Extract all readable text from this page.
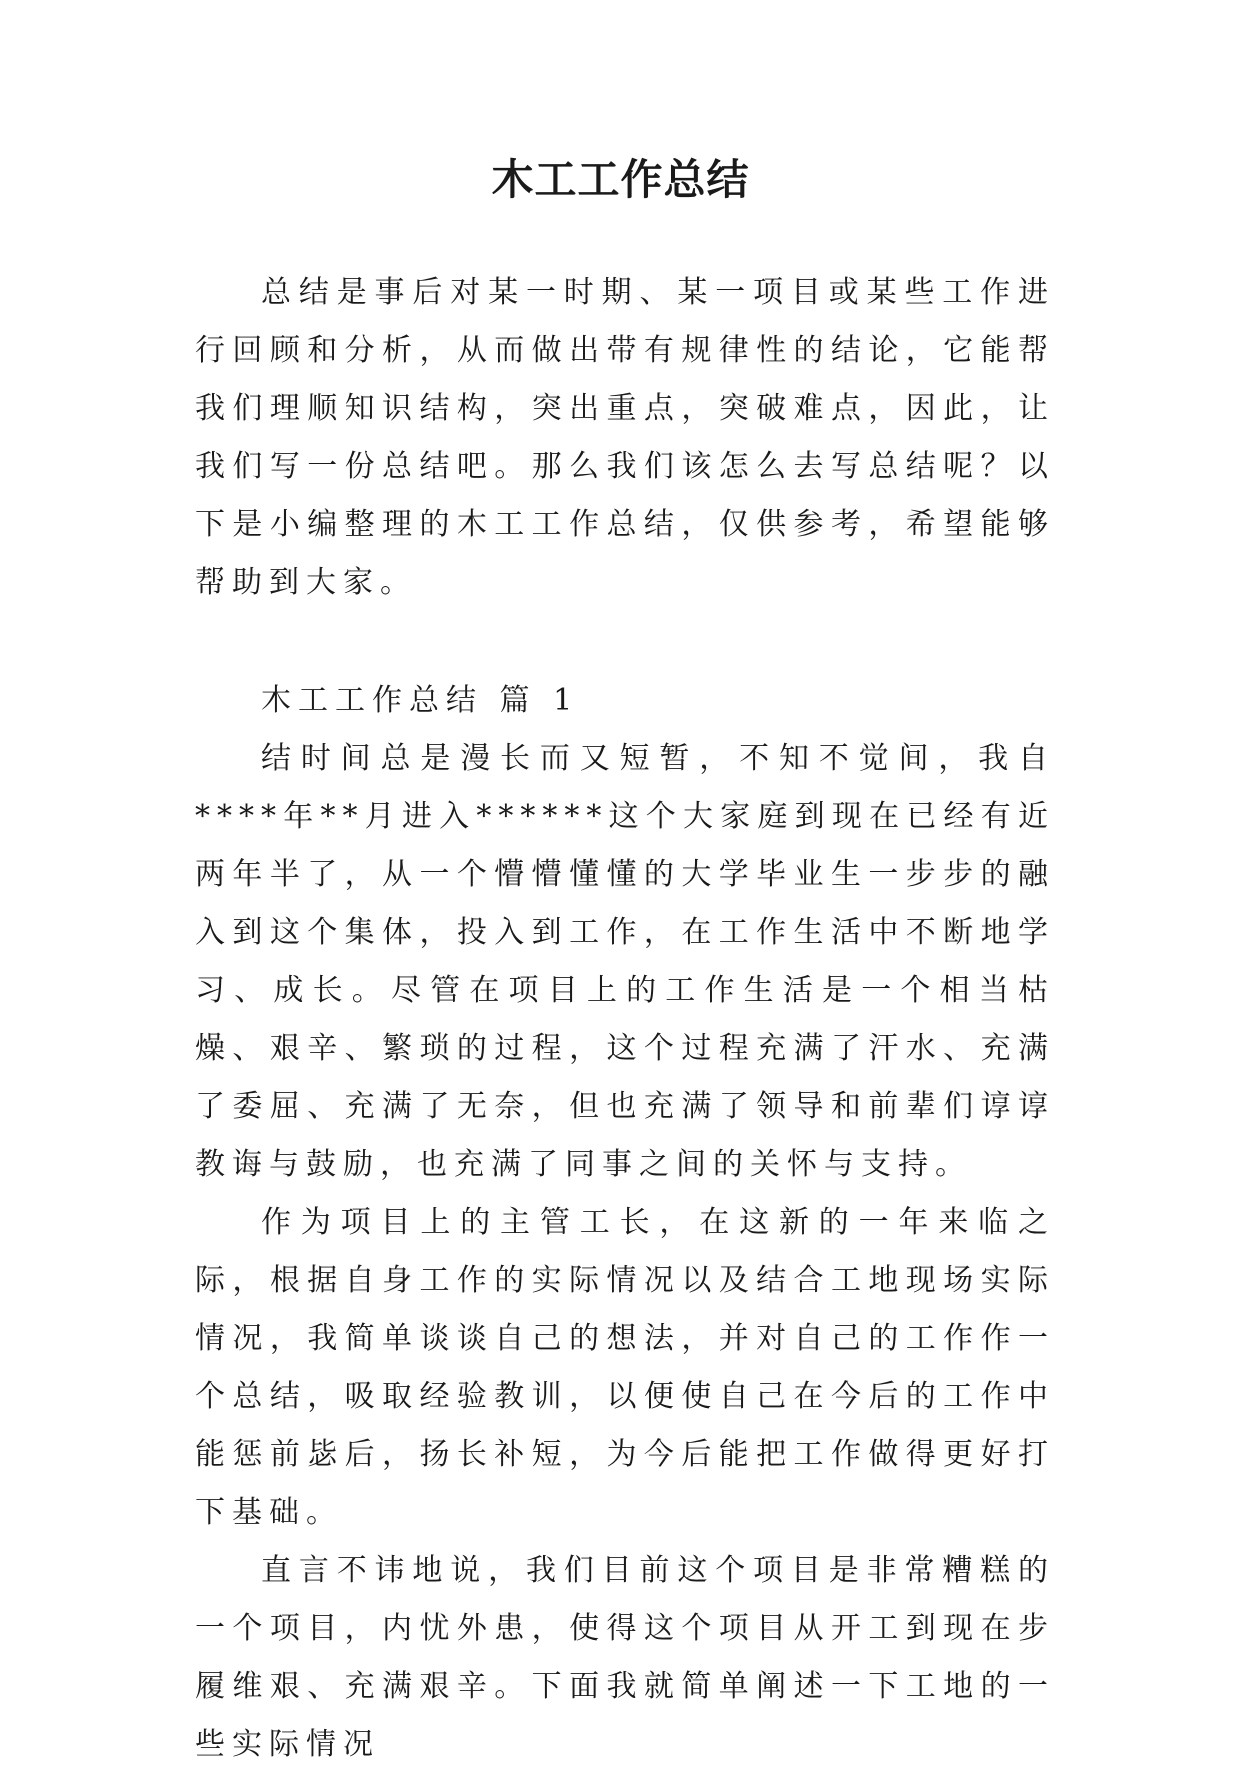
木工工作总结

总结是事后对某一时期、某一项目或某些工作进行回顾和分析，从而做出带有规律性的结论，它能帮我们理顺知识结构，突出重点，突破难点，因此，让我们写一份总结吧。那么我们该怎么去写总结呢？以下是小编整理的木工工作总结，仅供参考，希望能够帮助到大家。

木工工作总结 篇 1

结时间总是漫长而又短暂，不知不觉间，我自****年**月进入******这个大家庭到现在已经有近两年半了，从一个懵懵懂懂的大学毕业生一步步的融入到这个集体，投入到工作，在工作生活中不断地学习、成长。尽管在项目上的工作生活是一个相当枯燥、艰辛、繁琐的过程，这个过程充满了汗水、充满了委屈、充满了无奈，但也充满了领导和前辈们谆谆教诲与鼓励，也充满了同事之间的关怀与支持。

作为项目上的主管工长，在这新的一年来临之际，根据自身工作的实际情况以及结合工地现场实际情况，我简单谈谈自己的想法，并对自己的工作作一个总结，吸取经验教训，以便使自己在今后的工作中能惩前毖后，扬长补短，为今后能把工作做得更好打下基础。

直言不讳地说，我们目前这个项目是非常糟糕的一个项目，内忧外患，使得这个项目从开工到现在步履维艰、充满艰辛。下面我就简单阐述一下工地的一些实际情况
